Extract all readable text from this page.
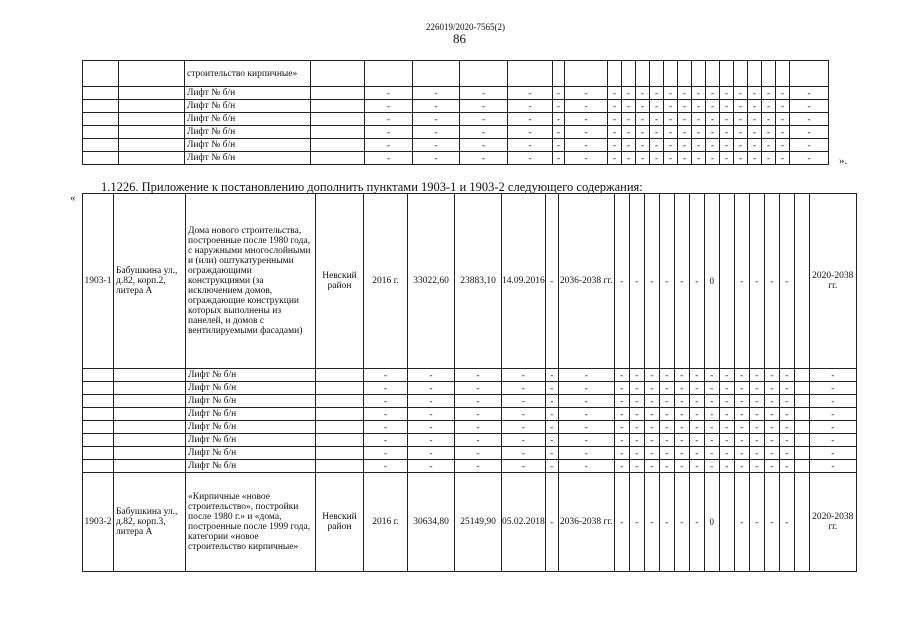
226019/2020-7565(2)
86
		строительство кирпичные»																					
		Лифт № б/н		-	-	-	-	-	-	-	-	-	-	-	-	-	-	-	-	-	-	-	-
		Лифт № б/н		-	-	-	-	-	-	-	-	-	-	-	-	-	-	-	-	-	-	-	-
		Лифт № б/н		-	-	-	-	-	-	-	-	-	-	-	-	-	-	-	-	-	-	-	-
		Лифт № б/н		-	-	-	-	-	-	-	-	-	-	-	-	-	-	-	-	-	-	-	-
		Лифт № б/н		-	-	-	-	-	-	-	-	-	-	-	-	-	-	-	-	-	-	-	-
		Лифт № б/н		-	-	-	-	-	-	-	-	-	-	-	-	-	-	-	-	-	-	-	-	».
1.1226. Приложение к постановлению дополнить пунктами 1903-1 и 1903-2 следующего содержания:
«
1903-1	Бабушкина ул., д.82, корп.2, литера А	Дома нового строительства, построенные после 1980 года, с наружными многослойными и (или) оштукатуренными ограждающими конструкциями (за исключением домов, ограждающие конструкции которых выполнены из панелей, и домов с вентилируемыми фасадами)	Невский район	2016 г.	33022,60	23883,10	14.09.2016	-	2036-2038 гг.	-	-	-	-	-	-	0		-	-	-	-		2020-2038 гг.
		Лифт № б/н		-	-	-	-	-	-	-	-	-	-	-	-	-	-	-	-	-	-		-
		Лифт № б/н		-	-	-	-	-	-	-	-	-	-	-	-	-	-	-	-	-	-		-
		Лифт № б/н		-	-	-	-	-	-	-	-	-	-	-	-	-	-	-	-	-	-		-
		Лифт № б/н		-	-	-	-	-	-	-	-	-	-	-	-	-	-	-	-	-	-		-
		Лифт № б/н		-	-	-	-	-	-	-	-	-	-	-	-	-	-	-	-	-	-		-
		Лифт № б/н		-	-	-	-	-	-	-	-	-	-	-	-	-	-	-	-	-	-		-
		Лифт № б/н		-	-	-	-	-	-	-	-	-	-	-	-	-	-	-	-	-	-		-
		Лифт № б/н		-	-	-	-	-	-	-	-	-	-	-	-	-	-	-	-	-	-		-
1903-2	Бабушкина ул., д.82, корп.3, литера А	«Кирпичные «новое строительство», постройки после 1980 г.» и «дома, построенные после 1999 года, категории «новое строительство кирпичные»	Невский район	2016 г.	30634,80	25149,90	05.02.2018	-	2036-2038 гг.	-	-	-	-	-	-	0		-	-	-	-		2020-2038 гг.
